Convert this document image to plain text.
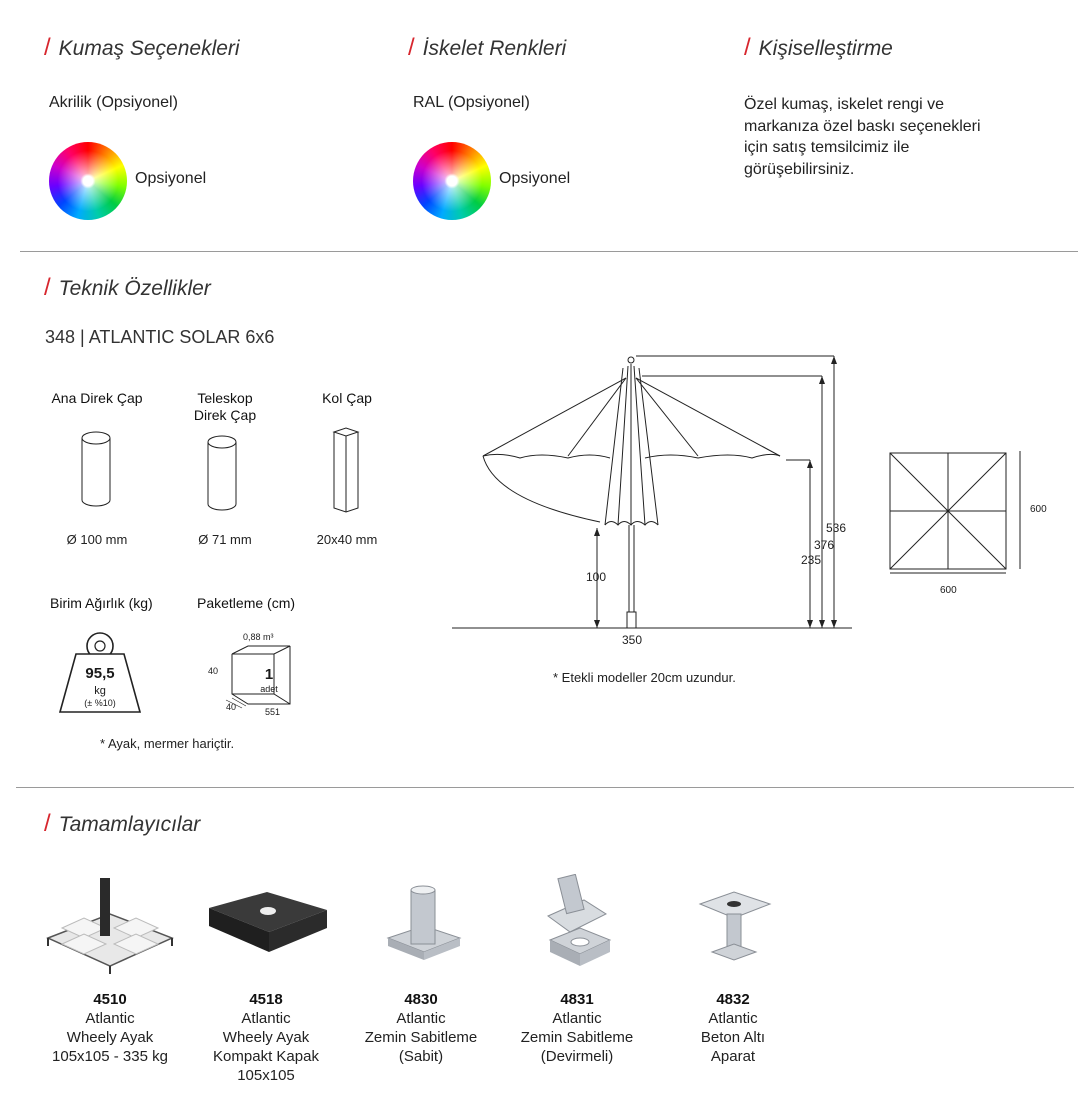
/ Kumaş Seçenekleri
Akrilik (Opsiyonel)
Opsiyonel
/ İskelet Renkleri
RAL (Opsiyonel)
Opsiyonel
/ Kişiselleştirme
Özel kumaş, iskelet rengi ve
markanıza özel baskı seçenekleri
için satış temsilcimiz ile
görüşebilirsiniz.
/ Teknik Özellikler
348 | ATLANTIC SOLAR 6x6
Ana Direk Çap	Teleskop
Direk Çap
Kol Çap
Ø 100 mm	Ø 71 mm	20x40 mm
Birim Ağırlık (kg)	Paketleme (cm)
95,5
kg
(± %10)
0,88 m³
40	1
adet
40	551
* Ayak, mermer hariçtir.
536
376
235
100
350
600
600
* Etekli modeller 20cm uzundur.
/ Tamamlayıcılar
4510
Atlantic
Wheely Ayak
105x105 - 335 kg
4518
Atlantic
Wheely Ayak
Kompakt Kapak
105x105
4830
Atlantic
Zemin Sabitleme
(Sabit)
4831
Atlantic
Zemin Sabitleme
(Devirmeli)
4832
Atlantic
Beton Altı
Aparat
